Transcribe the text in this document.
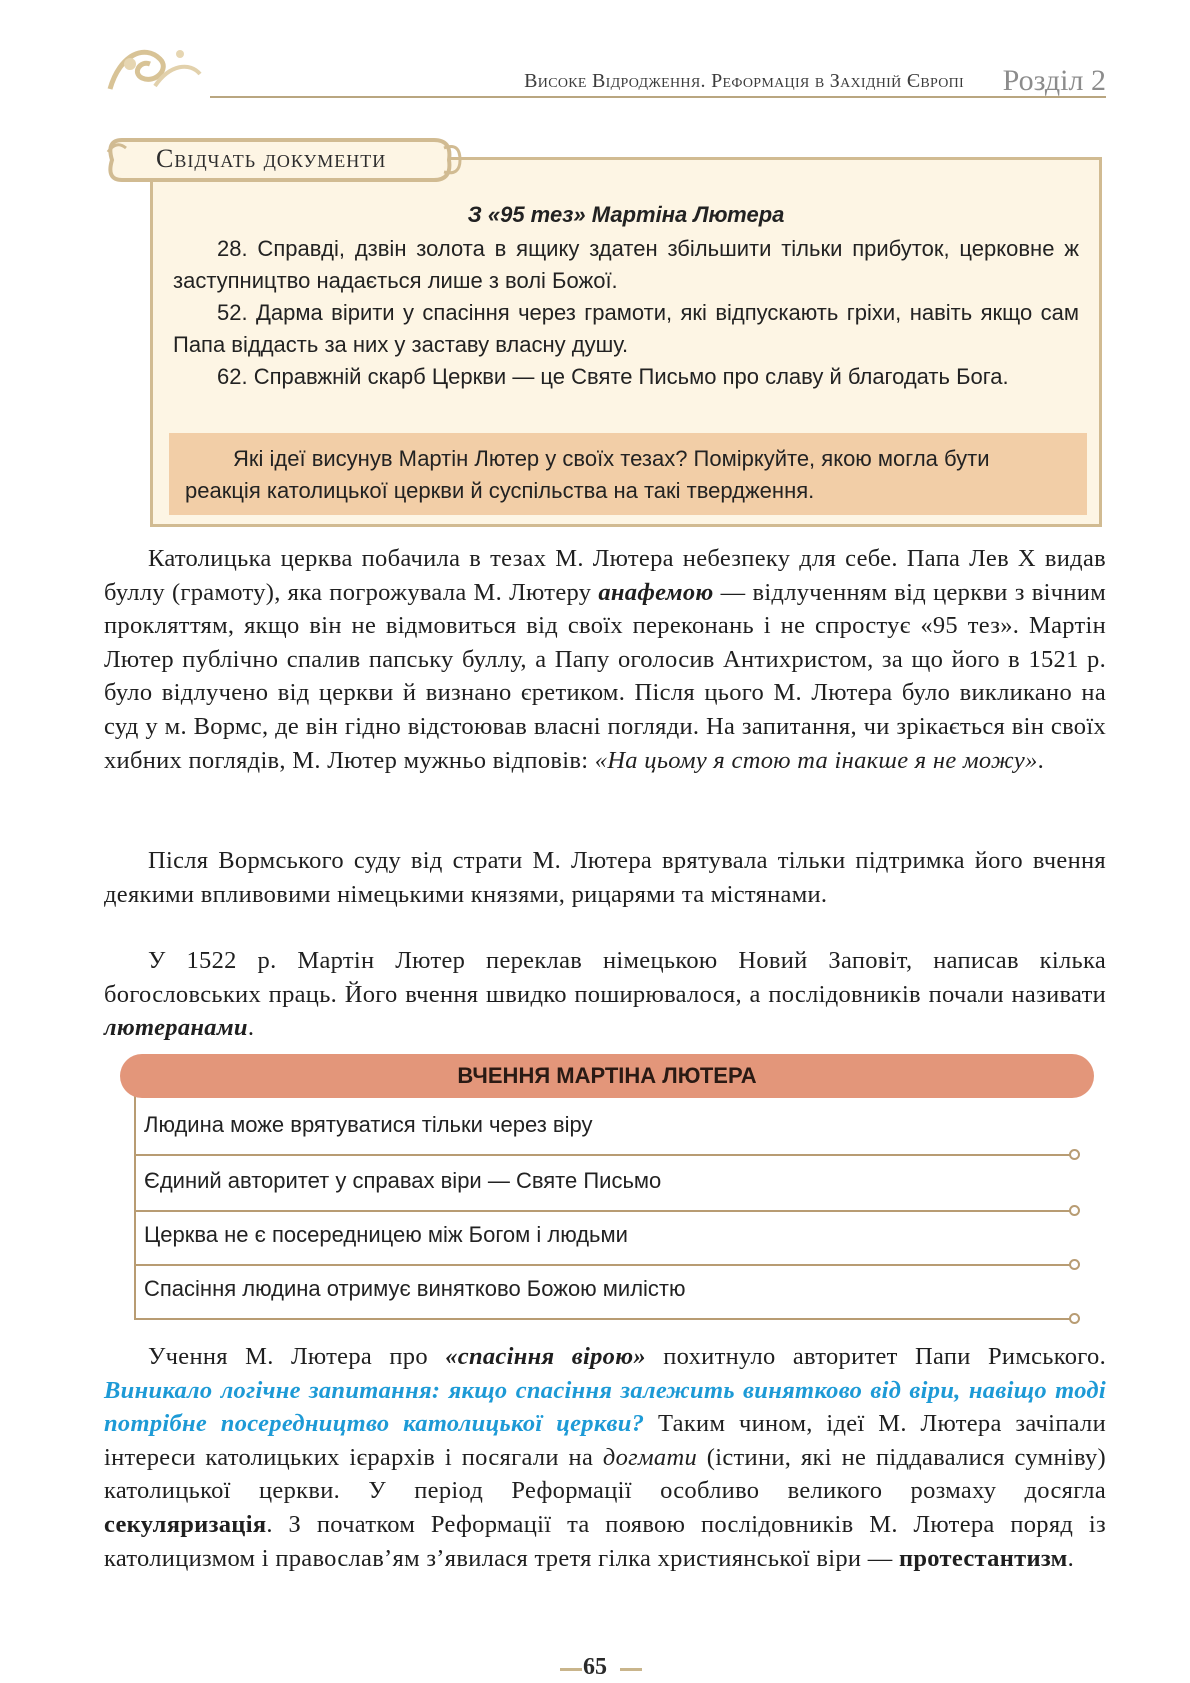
Високе Відродження. Реформація в Західній Європі Розділ 2
З «95 тез» Мартіна Лютера
28. Справді, дзвін золота в ящику здатен збільшити тільки прибуток, церковне ж заступництво надається лише з волі Божої.
52. Дарма вірити у спасіння через грамоти, які відпускають гріхи, навіть якщо сам Папа віддасть за них у заставу власну душу.
62. Справжній скарб Церкви — це Святе Письмо про славу й благодать Бога.
Які ідеї висунув Мартін Лютер у своїх тезах? Поміркуйте, якою могла бути реакція католицької церкви й суспільства на такі твердження.
Свідчать документи
Католицька церква побачила в тезах М. Лютера небезпеку для себе. Папа Лев X видав буллу (грамоту), яка погрожувала М. Лютеру анафемою — відлученням від церкви з вічним прокляттям, якщо він не відмовиться від своїх переконань і не спростує «95 тез». Мартін Лютер публічно спалив папську буллу, а Папу оголосив Антихристом, за що його в 1521 р. було відлучено від церкви й визнано єретиком. Після цього М. Лютера було викликано на суд у м. Вормс, де він гідно відстоював власні погляди. На запитання, чи зрікається він своїх хибних поглядів, М. Лютер мужньо відповів: «На цьому я стою та інакше я не можу».
Після Вормського суду від страти М. Лютера врятувала тільки підтримка його вчення деякими впливовими німецькими князями, рицарями та містянами.
У 1522 р. Мартін Лютер переклав німецькою Новий Заповіт, написав кілька богословських праць. Його вчення швидко поширювалося, а послідовників почали називати лютеранами.
ВЧЕННЯ МАРТІНА ЛЮТЕРА
Людина може врятуватися тільки через віру
Єдиний авторитет у справах віри — Святе Письмо
Церква не є посередницею між Богом і людьми
Спасіння людина отримує винятково Божою милістю
Учення М. Лютера про «спасіння вірою» похитнуло авторитет Папи Римського. Виникало логічне запитання: якщо спасіння залежить винятково від віри, навіщо тоді потрібне посередництво католицької церкви? Таким чином, ідеї М. Лютера зачіпали інтереси католицьких ієрархів і посягали на догмати (істини, які не піддавалися сумніву) католицької церкви. У період Реформації особливо великого розмаху досягла секуляризація. З початком Реформації та появою послідовників М. Лютера поряд із католицизмом і православ’ям з’явилася третя гілка християнської віри — протестантизм.
65
